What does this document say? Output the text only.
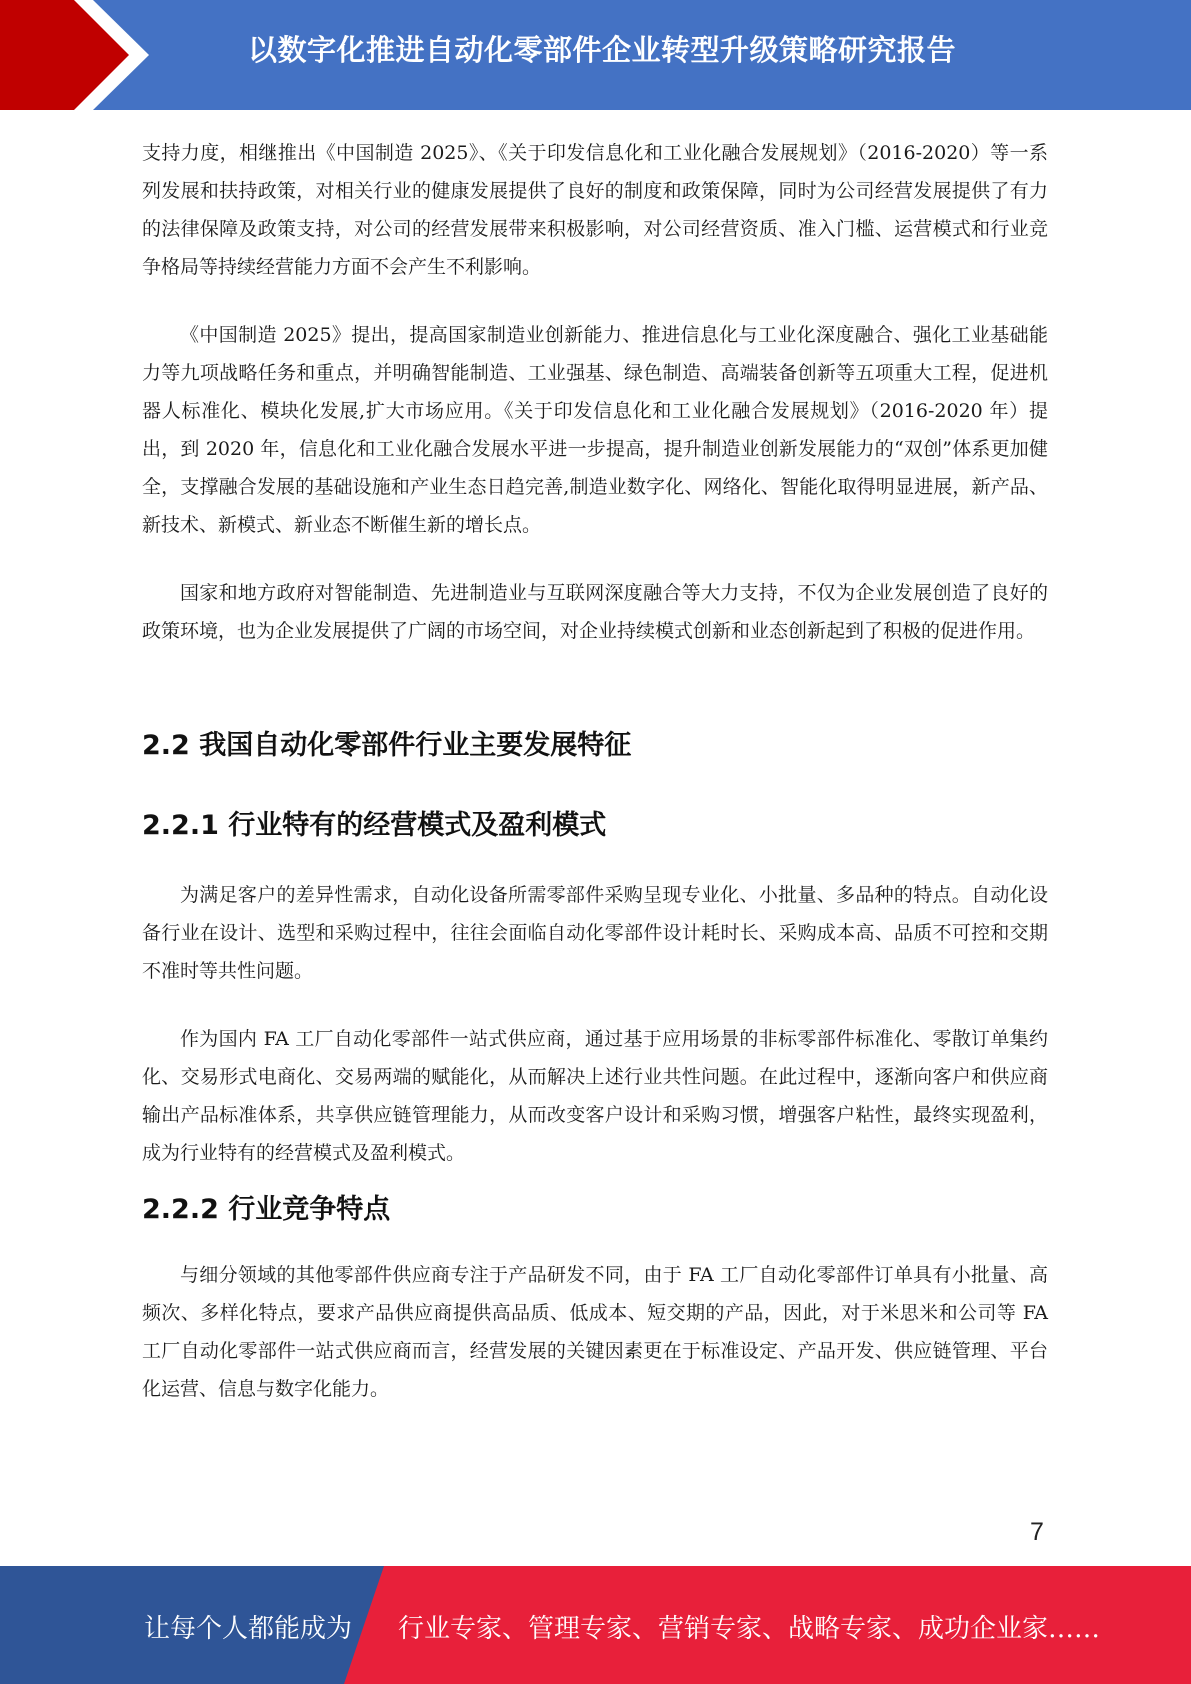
以数字化推进自动化零部件企业转型升级策略研究报告

支持力度，相继推出《中国制造 2025》、《关于印发信息化和工业化融合发展规划》（2016-2020）等一系列发展和扶持政策，对相关行业的健康发展提供了良好的制度和政策保障，同时为公司经营发展提供了有力的法律保障及政策支持，对公司的经营发展带来积极影响，对公司经营资质、准入门槛、运营模式和行业竞争格局等持续经营能力方面不会产生不利影响。

《中国制造 2025》提出，提高国家制造业创新能力、推进信息化与工业化深度融合、强化工业基础能力等九项战略任务和重点，并明确智能制造、工业强基、绿色制造、高端装备创新等五项重大工程，促进机器人标准化、模块化发展,扩大市场应用。《关于印发信息化和工业化融合发展规划》（2016-2020 年）提出，到 2020 年，信息化和工业化融合发展水平进一步提高，提升制造业创新发展能力的“双创”体系更加健全，支撑融合发展的基础设施和产业生态日趋完善,制造业数字化、网络化、智能化取得明显进展，新产品、新技术、新模式、新业态不断催生新的增长点。

国家和地方政府对智能制造、先进制造业与互联网深度融合等大力支持，不仅为企业发展创造了良好的政策环境，也为企业发展提供了广阔的市场空间，对企业持续模式创新和业态创新起到了积极的促进作用。

2.2 我国自动化零部件行业主要发展特征
2.2.1 行业特有的经营模式及盈利模式

为满足客户的差异性需求，自动化设备所需零部件采购呈现专业化、小批量、多品种的特点。自动化设备行业在设计、选型和采购过程中，往往会面临自动化零部件设计耗时长、采购成本高、品质不可控和交期不准时等共性问题。

作为国内 FA 工厂自动化零部件一站式供应商，通过基于应用场景的非标零部件标准化、零散订单集约化、交易形式电商化、交易两端的赋能化，从而解决上述行业共性问题。在此过程中，逐渐向客户和供应商输出产品标准体系，共享供应链管理能力，从而改变客户设计和采购习惯，增强客户粘性，最终实现盈利，成为行业特有的经营模式及盈利模式。

2.2.2 行业竞争特点

与细分领域的其他零部件供应商专注于产品研发不同，由于 FA 工厂自动化零部件订单具有小批量、高频次、多样化特点，要求产品供应商提供高品质、低成本、短交期的产品，因此，对于米思米和公司等 FA 工厂自动化零部件一站式供应商而言，经营发展的关键因素更在于标准设定、产品开发、供应链管理、平台化运营、信息与数字化能力。

7
让每个人都能成为 行业专家、管理专家、营销专家、战略专家、成功企业家……
